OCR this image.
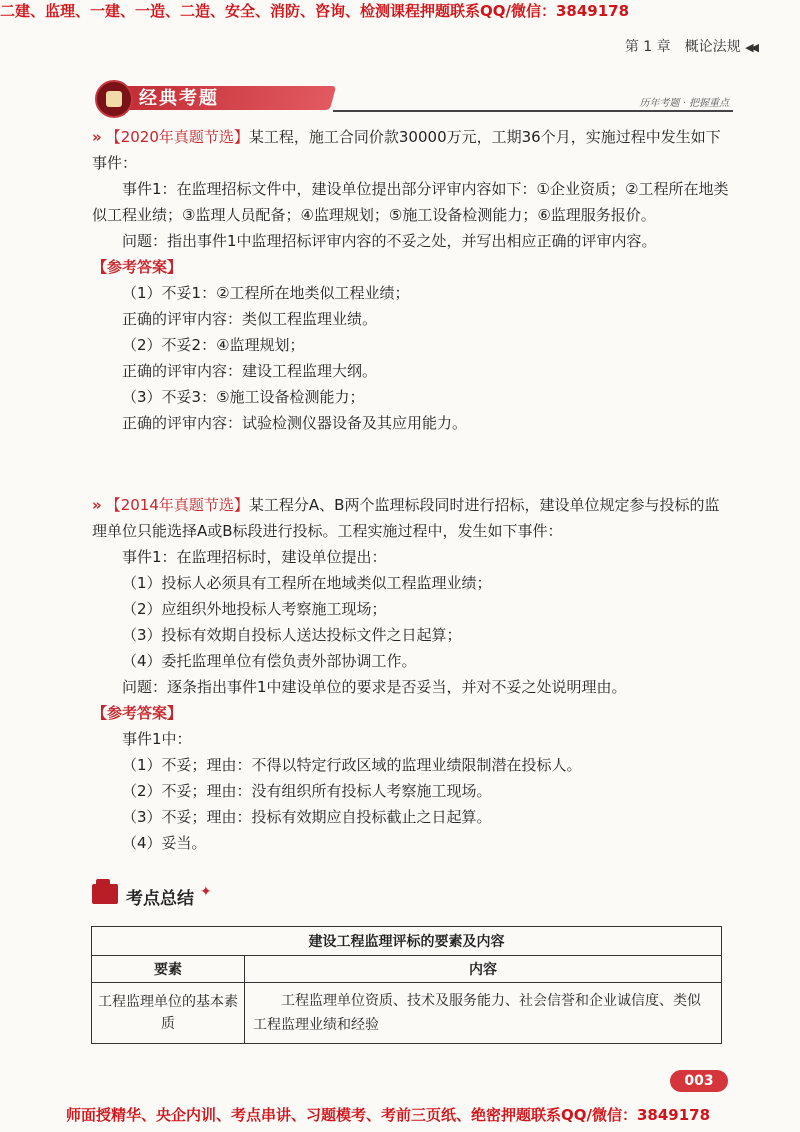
二建、监理、一建、一造、二造、安全、消防、咨询、检测课程押题联系QQ/微信：3849178
第 1 章　概论法规 ◀◀
经典考题	历年考题 · 把握重点

» 【2020年真题节选】某工程，施工合同价款30000万元，工期36个月，实施过程中发生如下事件：

事件1：在监理招标文件中，建设单位提出部分评审内容如下：①企业资质；②工程所在地类似工程业绩；③监理人员配备；④监理规划；⑤施工设备检测能力；⑥监理服务报价。

问题：指出事件1中监理招标评审内容的不妥之处，并写出相应正确的评审内容。

【参考答案】

（1）不妥1：②工程所在地类似工程业绩；

正确的评审内容：类似工程监理业绩。

（2）不妥2：④监理规划；

正确的评审内容：建设工程监理大纲。

（3）不妥3：⑤施工设备检测能力；

正确的评审内容：试验检测仪器设备及其应用能力。

» 【2014年真题节选】某工程分A、B两个监理标段同时进行招标，建设单位规定参与投标的监理单位只能选择A或B标段进行投标。工程实施过程中，发生如下事件：

事件1：在监理招标时，建设单位提出：

（1）投标人必须具有工程所在地域类似工程监理业绩；

（2）应组织外地投标人考察施工现场；

（3）投标有效期自投标人送达投标文件之日起算；

（4）委托监理单位有偿负责外部协调工作。

问题：逐条指出事件1中建设单位的要求是否妥当，并对不妥之处说明理由。

【参考答案】

事件1中：

（1）不妥；理由：不得以特定行政区域的监理业绩限制潜在投标人。

（2）不妥；理由：没有组织所有投标人考察施工现场。

（3）不妥；理由：投标有效期应自投标截止之日起算。

（4）妥当。

考点总结 ✦
建设工程监理评标的要素及内容	
要素	内容
工程监理单位的基本素质	工程监理单位资质、技术及服务能力、社会信誉和企业诚信度、类似工程监理业绩和经验
003
师面授精华、央企内训、考点串讲、习题模考、考前三页纸、绝密押题联系QQ/微信：3849178
